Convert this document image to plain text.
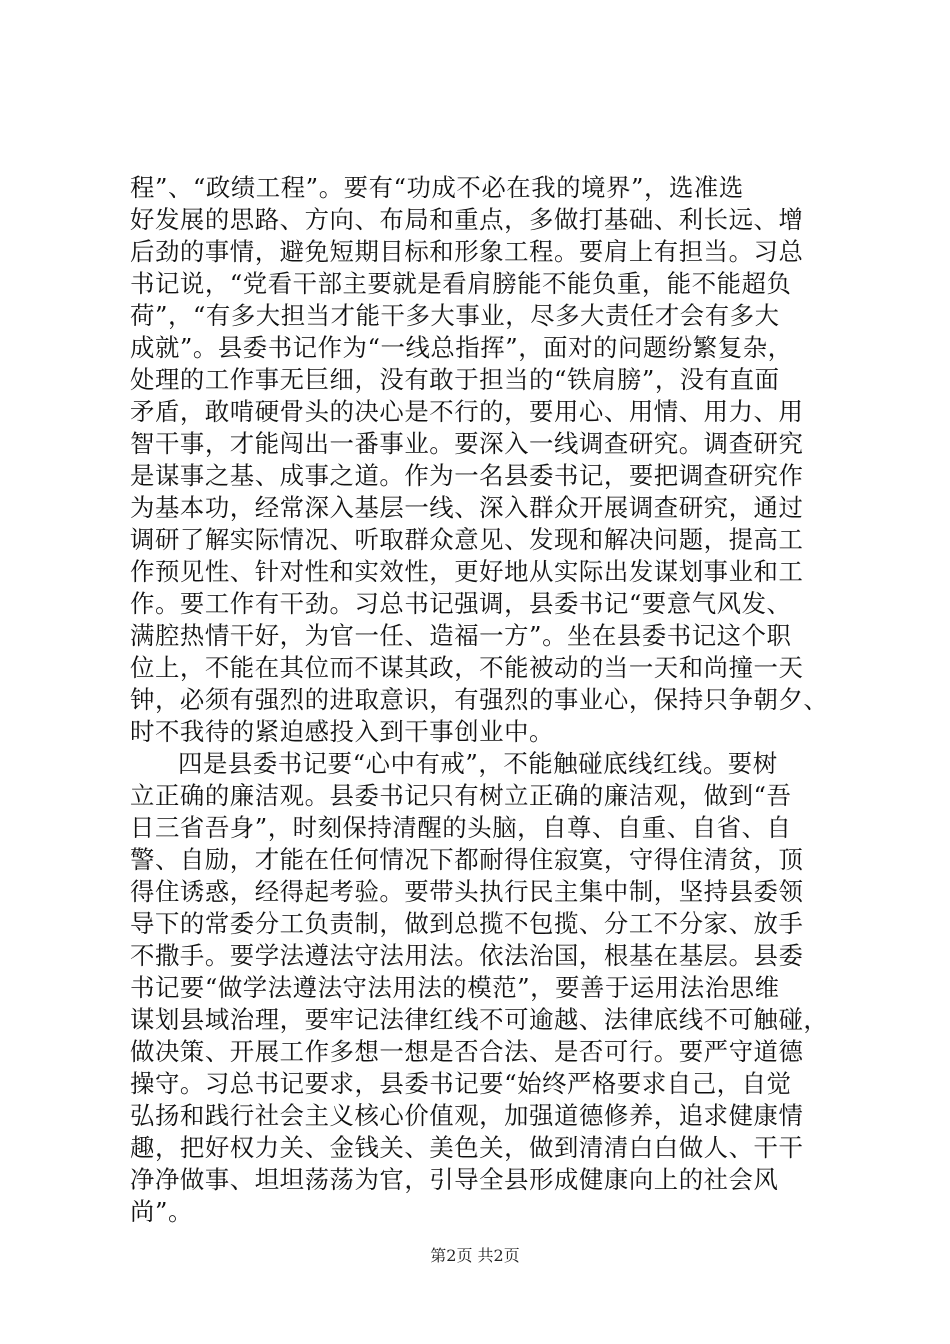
程”、“政绩工程”。要有“功成不必在我的境界”，选准选
好发展的思路、方向、布局和重点，多做打基础、利长远、增
后劲的事情，避免短期目标和形象工程。要肩上有担当。习总
书记说，“党看干部主要就是看肩膀能不能负重，能不能超负
荷”，“有多大担当才能干多大事业，尽多大责任才会有多大
成就”。县委书记作为“一线总指挥”，面对的问题纷繁复杂，
处理的工作事无巨细，没有敢于担当的“铁肩膀”，没有直面
矛盾，敢啃硬骨头的决心是不行的，要用心、用情、用力、用
智干事，才能闯出一番事业。要深入一线调查研究。调查研究
是谋事之基、成事之道。作为一名县委书记，要把调查研究作
为基本功，经常深入基层一线、深入群众开展调查研究，通过
调研了解实际情况、听取群众意见、发现和解决问题，提高工
作预见性、针对性和实效性，更好地从实际出发谋划事业和工
作。要工作有干劲。习总书记强调，县委书记“要意气风发、
满腔热情干好，为官一任、造福一方”。坐在县委书记这个职
位上，不能在其位而不谋其政，不能被动的当一天和尚撞一天
钟，必须有强烈的进取意识，有强烈的事业心，保持只争朝夕、
时不我待的紧迫感投入到干事创业中。
四是县委书记要“心中有戒”，不能触碰底线红线。要树
立正确的廉洁观。县委书记只有树立正确的廉洁观，做到“吾
日三省吾身”，时刻保持清醒的头脑，自尊、自重、自省、自
警、自励，才能在任何情况下都耐得住寂寞，守得住清贫，顶
得住诱惑，经得起考验。要带头执行民主集中制，坚持县委领
导下的常委分工负责制，做到总揽不包揽、分工不分家、放手
不撒手。要学法遵法守法用法。依法治国，根基在基层。县委
书记要“做学法遵法守法用法的模范”，要善于运用法治思维
谋划县域治理，要牢记法律红线不可逾越、法律底线不可触碰，
做决策、开展工作多想一想是否合法、是否可行。要严守道德
操守。习总书记要求，县委书记要“始终严格要求自己，自觉
弘扬和践行社会主义核心价值观，加强道德修养，追求健康情
趣，把好权力关、金钱关、美色关，做到清清白白做人、干干
净净做事、坦坦荡荡为官，引导全县形成健康向上的社会风
尚”。
第2页 共2页
